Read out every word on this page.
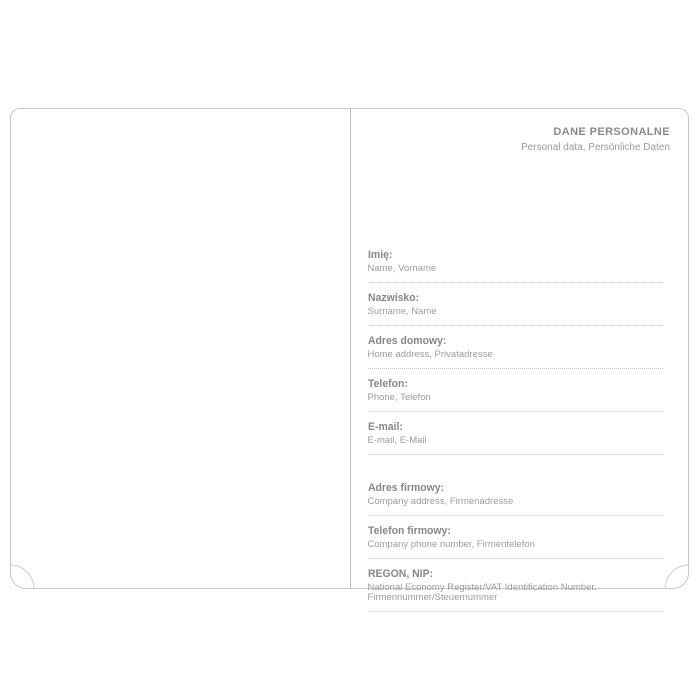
DANE PERSONALNE
Personal data, Persönliche Daten
Imię:
Name, Vorname
Nazwisko:
Surname, Name
Adres domowy:
Home address, Privatadresse
Telefon:
Phone, Telefon
E-mail:
E-mail, E-Mail
Adres firmowy:
Company address, Firmenadresse
Telefon firmowy:
Company phone number, Firmentelefon
REGON, NIP:
National Economy Register/VAT Identification Number,
Firmennummer/Steuernummer
